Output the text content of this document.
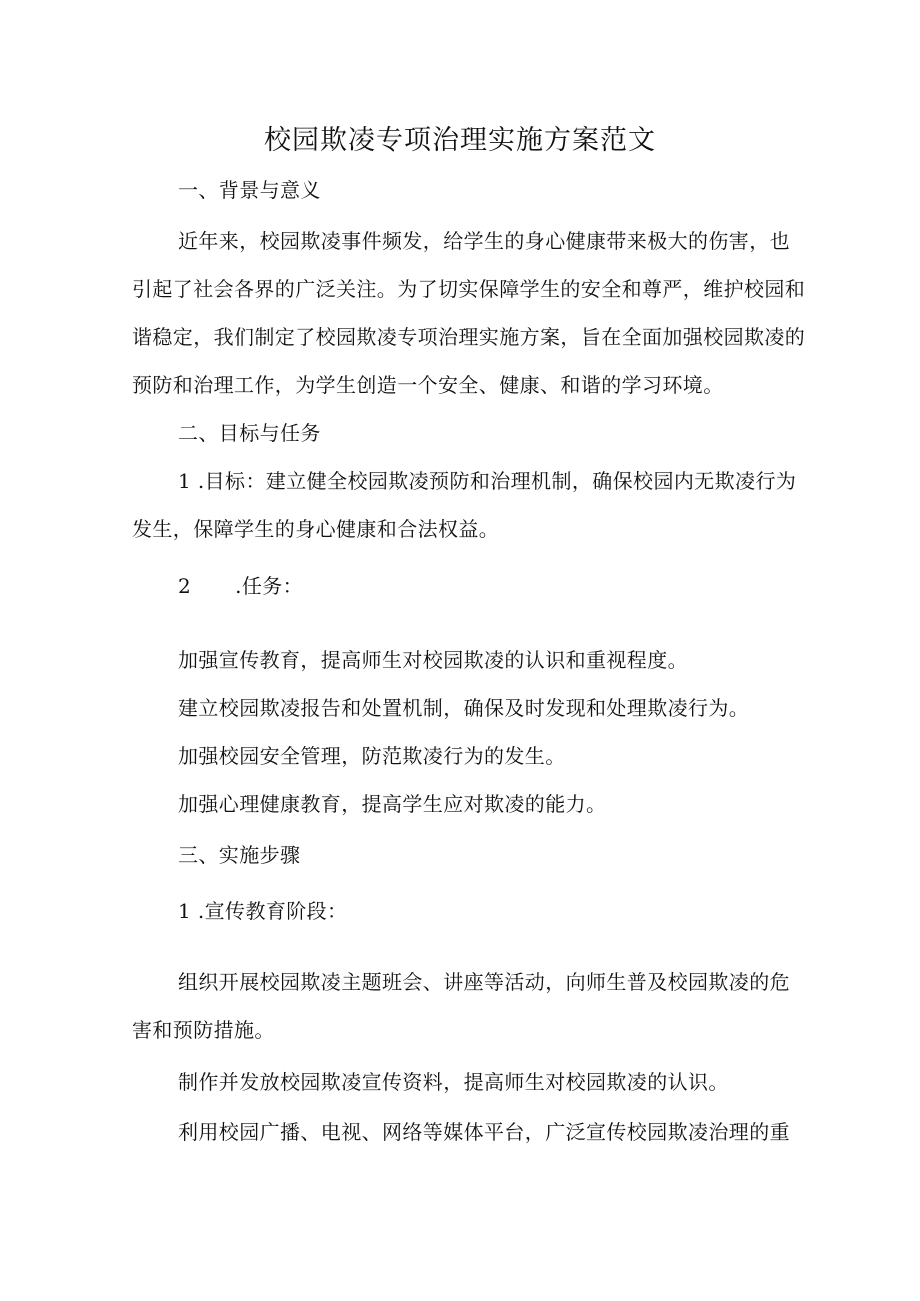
校园欺凌专项治理实施方案范文
一、背景与意义
近年来，校园欺凌事件频发，给学生的身心健康带来极大的伤害，也
引起了社会各界的广泛关注。为了切实保障学生的安全和尊严，维护校园和
谐稳定，我们制定了校园欺凌专项治理实施方案，旨在全面加强校园欺凌的
预防和治理工作，为学生创造一个安全、健康、和谐的学习环境。
二、目标与任务
1 .目标：建立健全校园欺凌预防和治理机制，确保校园内无欺凌行为
发生，保障学生的身心健康和合法权益。
2 .任务：
加强宣传教育，提高师生对校园欺凌的认识和重视程度。
建立校园欺凌报告和处置机制，确保及时发现和处理欺凌行为。
加强校园安全管理，防范欺凌行为的发生。
加强心理健康教育，提高学生应对欺凌的能力。
三、实施步骤
1 .宣传教育阶段：
组织开展校园欺凌主题班会、讲座等活动，向师生普及校园欺凌的危
害和预防措施。
制作并发放校园欺凌宣传资料，提高师生对校园欺凌的认识。
利用校园广播、电视、网络等媒体平台，广泛宣传校园欺凌治理的重
